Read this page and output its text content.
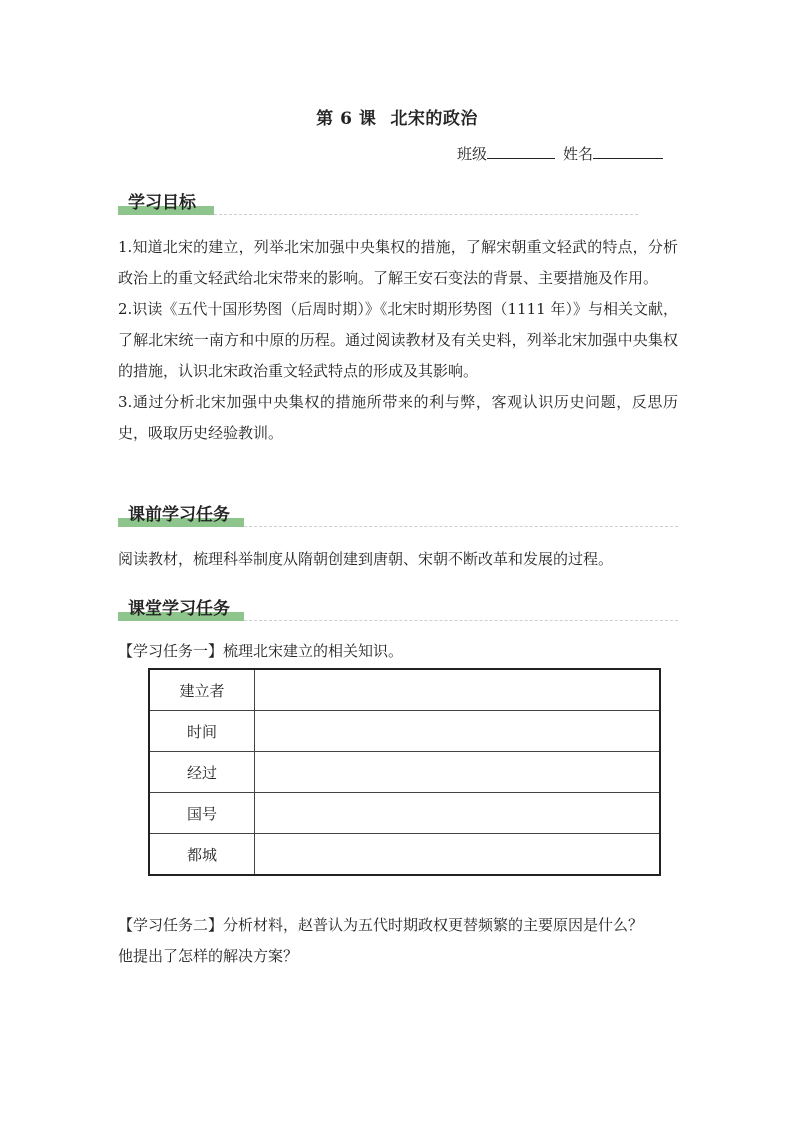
第 6 课 北宋的政治
班级	姓名
学习目标

1.知道北宋的建立，列举北宋加强中央集权的措施，了解宋朝重文轻武的特点，分析政治上的重文轻武给北宋带来的影响。了解王安石变法的背景、主要措施及作用。

2.识读《五代十国形势图（后周时期）》《北宋时期形势图（1111 年）》与相关文献，了解北宋统一南方和中原的历程。通过阅读教材及有关史料，列举北宋加强中央集权的措施，认识北宋政治重文轻武特点的形成及其影响。

3.通过分析北宋加强中央集权的措施所带来的利与弊，客观认识历史问题，反思历史，吸取历史经验教训。

课前学习任务

阅读教材，梳理科举制度从隋朝创建到唐朝、宋朝不断改革和发展的过程。

课堂学习任务
【学习任务一】梳理北宋建立的相关知识。
建立者	
时间	
经过	
国号	
都城	

【学习任务二】分析材料，赵普认为五代时期政权更替频繁的主要原因是什么？

他提出了怎样的解决方案？
